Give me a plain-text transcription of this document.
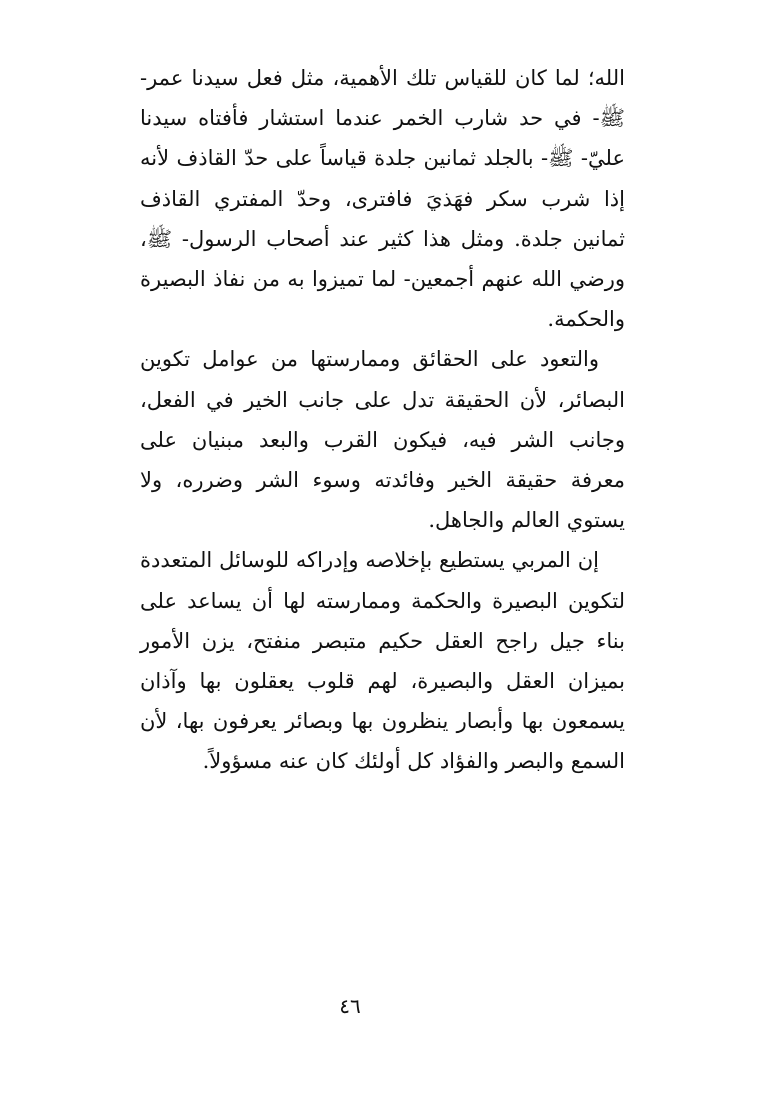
الله؛ لما كان للقياس تلك الأهمية، مثل فعل سيدنا عمر- ﷺ- في حد شارب الخمر عندما استشار فأفتاه سيدنا عليّ- ﷺ- بالجلد ثمانين جلدة قياساً على حدّ القاذف لأنه إذا شرب سكر فهَذيَ فافترى، وحدّ المفتري القاذف ثمانين جلدة. ومثل هذا كثير عند أصحاب الرسول- ﷺ، ورضي الله عنهم أجمعين- لما تميزوا به من نفاذ البصيرة والحكمة.

والتعود على الحقائق وممارستها من عوامل تكوين البصائر، لأن الحقيقة تدل على جانب الخير في الفعل، وجانب الشر فيه، فيكون القرب والبعد مبنيان على معرفة حقيقة الخير وفائدته وسوء الشر وضرره، ولا يستوي العالم والجاهل.

إن المربي يستطيع بإخلاصه وإدراكه للوسائل المتعددة لتكوين البصيرة والحكمة وممارسته لها أن يساعد على بناء جيل راجح العقل حكيم متبصر منفتح، يزن الأمور بميزان العقل والبصيرة، لهم قلوب يعقلون بها وآذان يسمعون بها وأبصار ينظرون بها وبصائر يعرفون بها، لأن السمع والبصر والفؤاد كل أولئك كان عنه مسؤولاً.

٤٦
